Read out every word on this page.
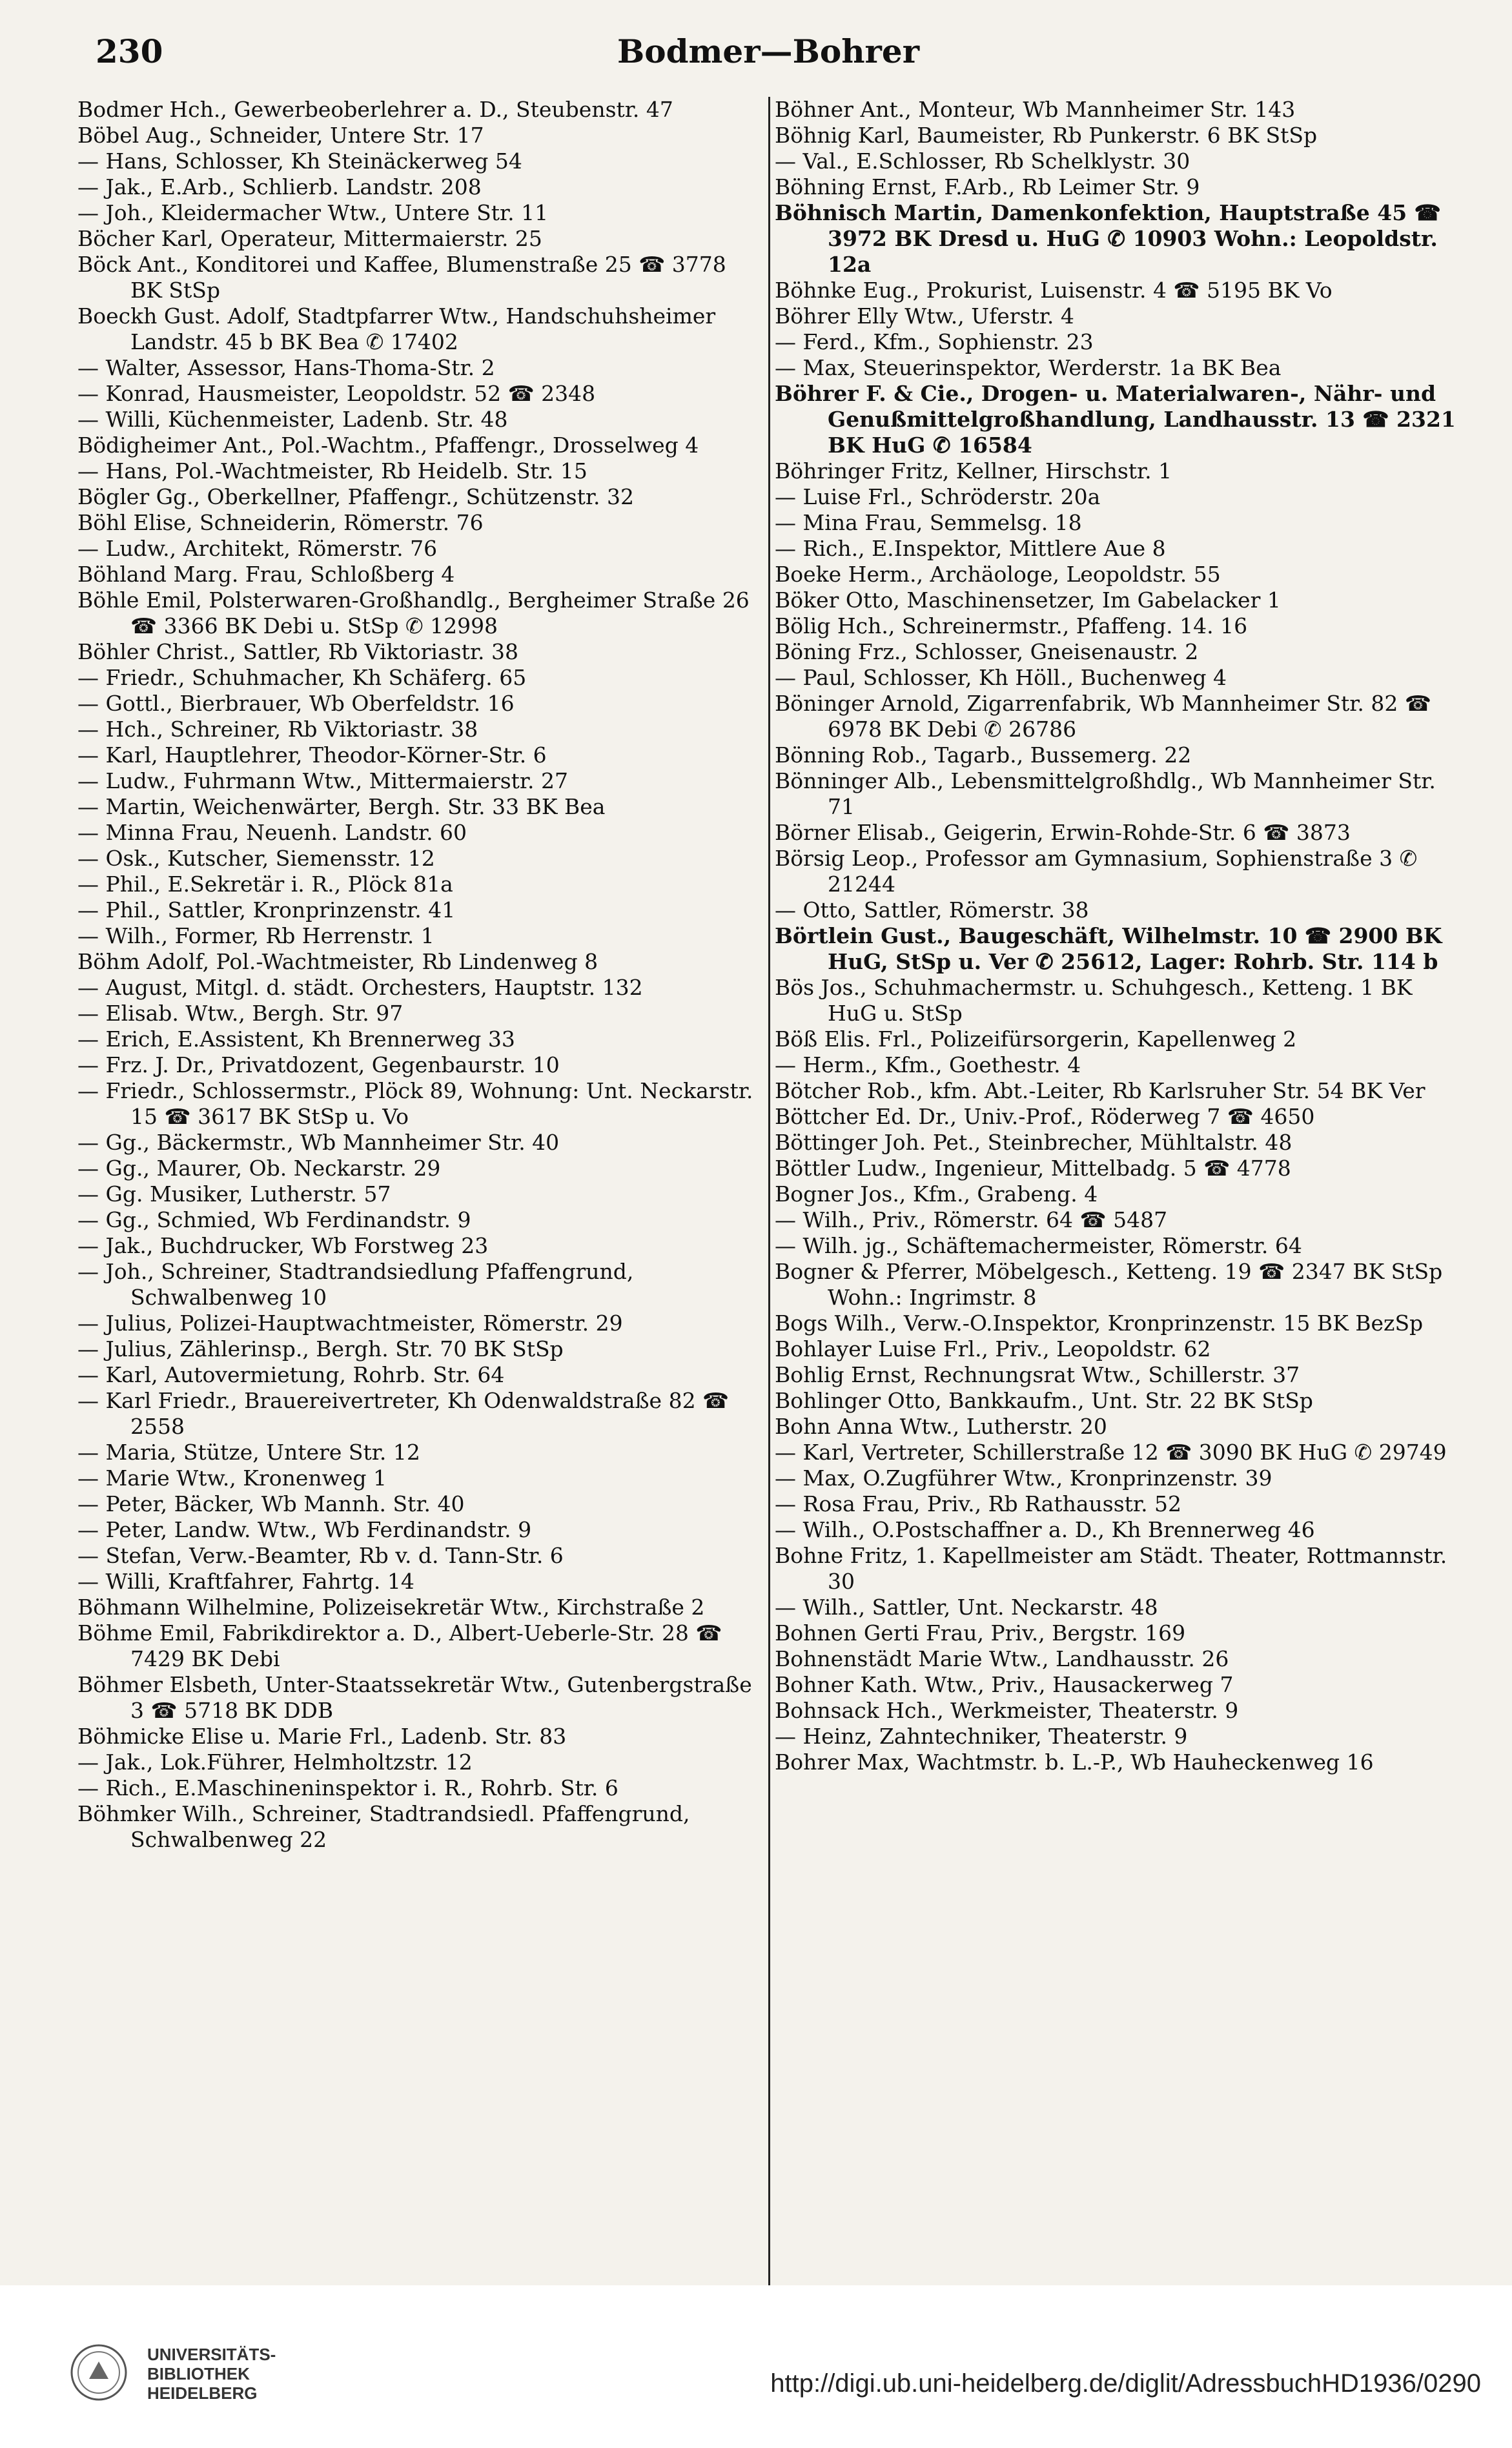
230	Bodmer—Bohrer

Bodmer Hch., Gewerbeoberlehrer a. D., Steubenstr. 47

Böbel Aug., Schneider, Untere Str. 17

— Hans, Schlosser, Kh Steinäckerweg 54

— Jak., E.Arb., Schlierb. Landstr. 208

— Joh., Kleidermacher Wtw., Untere Str. 11

Böcher Karl, Operateur, Mittermaierstr. 25

Böck Ant., Konditorei und Kaffee, Blumenstraße 25 ☎ 3778 BK StSp

Boeckh Gust. Adolf, Stadtpfarrer Wtw., Handschuhsheimer Landstr. 45 b BK Bea ✆ 17402

— Walter, Assessor, Hans-Thoma-Str. 2

— Konrad, Hausmeister, Leopoldstr. 52 ☎ 2348

— Willi, Küchenmeister, Ladenb. Str. 48

Bödigheimer Ant., Pol.-Wachtm., Pfaffengr., Drosselweg 4

— Hans, Pol.-Wachtmeister, Rb Heidelb. Str. 15

Bögler Gg., Oberkellner, Pfaffengr., Schützenstr. 32

Böhl Elise, Schneiderin, Römerstr. 76

— Ludw., Architekt, Römerstr. 76

Böhland Marg. Frau, Schloßberg 4

Böhle Emil, Polsterwaren-Großhandlg., Bergheimer Straße 26 ☎ 3366 BK Debi u. StSp ✆ 12998

Böhler Christ., Sattler, Rb Viktoriastr. 38

— Friedr., Schuhmacher, Kh Schäferg. 65

— Gottl., Bierbrauer, Wb Oberfeldstr. 16

— Hch., Schreiner, Rb Viktoriastr. 38

— Karl, Hauptlehrer, Theodor-Körner-Str. 6

— Ludw., Fuhrmann Wtw., Mittermaierstr. 27

— Martin, Weichenwärter, Bergh. Str. 33 BK Bea

— Minna Frau, Neuenh. Landstr. 60

— Osk., Kutscher, Siemensstr. 12

— Phil., E.Sekretär i. R., Plöck 81a

— Phil., Sattler, Kronprinzenstr. 41

— Wilh., Former, Rb Herrenstr. 1

Böhm Adolf, Pol.-Wachtmeister, Rb Lindenweg 8

— August, Mitgl. d. städt. Orchesters, Hauptstr. 132

— Elisab. Wtw., Bergh. Str. 97

— Erich, E.Assistent, Kh Brennerweg 33

— Frz. J. Dr., Privatdozent, Gegenbaurstr. 10

— Friedr., Schlossermstr., Plöck 89, Wohnung: Unt. Neckarstr. 15 ☎ 3617 BK StSp u. Vo

— Gg., Bäckermstr., Wb Mannheimer Str. 40

— Gg., Maurer, Ob. Neckarstr. 29

— Gg. Musiker, Lutherstr. 57

— Gg., Schmied, Wb Ferdinandstr. 9

— Jak., Buchdrucker, Wb Forstweg 23

— Joh., Schreiner, Stadtrandsiedlung Pfaffengrund, Schwalbenweg 10

— Julius, Polizei-Hauptwachtmeister, Römerstr. 29

— Julius, Zählerinsp., Bergh. Str. 70 BK StSp

— Karl, Autovermietung, Rohrb. Str. 64

— Karl Friedr., Brauereivertreter, Kh Odenwaldstraße 82 ☎ 2558

— Maria, Stütze, Untere Str. 12

— Marie Wtw., Kronenweg 1

— Peter, Bäcker, Wb Mannh. Str. 40

— Peter, Landw. Wtw., Wb Ferdinandstr. 9

— Stefan, Verw.-Beamter, Rb v. d. Tann-Str. 6

— Willi, Kraftfahrer, Fahrtg. 14

Böhmann Wilhelmine, Polizeisekretär Wtw., Kirchstraße 2

Böhme Emil, Fabrikdirektor a. D., Albert-Ueberle-Str. 28 ☎ 7429 BK Debi

Böhmer Elsbeth, Unter-Staatssekretär Wtw., Gutenbergstraße 3 ☎ 5718 BK DDB

Böhmicke Elise u. Marie Frl., Ladenb. Str. 83

— Jak., Lok.Führer, Helmholtzstr. 12

— Rich., E.Maschineninspektor i. R., Rohrb. Str. 6

Böhmker Wilh., Schreiner, Stadtrandsiedl. Pfaffengrund, Schwalbenweg 22

Böhner Ant., Monteur, Wb Mannheimer Str. 143

Böhnig Karl, Baumeister, Rb Punkerstr. 6 BK StSp

— Val., E.Schlosser, Rb Schelklystr. 30

Böhning Ernst, F.Arb., Rb Leimer Str. 9

Böhnisch Martin, Damenkonfektion, Hauptstraße 45 ☎ 3972 BK Dresd u. HuG ✆ 10903 Wohn.: Leopoldstr. 12a

Böhnke Eug., Prokurist, Luisenstr. 4 ☎ 5195 BK Vo

Böhrer Elly Wtw., Uferstr. 4

— Ferd., Kfm., Sophienstr. 23

— Max, Steuerinspektor, Werderstr. 1a BK Bea

Böhrer F. & Cie., Drogen- u. Materialwaren-, Nähr- und Genußmittelgroßhandlung, Landhausstr. 13 ☎ 2321 BK HuG ✆ 16584

Böhringer Fritz, Kellner, Hirschstr. 1

— Luise Frl., Schröderstr. 20a

— Mina Frau, Semmelsg. 18

— Rich., E.Inspektor, Mittlere Aue 8

Boeke Herm., Archäologe, Leopoldstr. 55

Böker Otto, Maschinensetzer, Im Gabelacker 1

Bölig Hch., Schreinermstr., Pfaffeng. 14. 16

Böning Frz., Schlosser, Gneisenaustr. 2

— Paul, Schlosser, Kh Höll., Buchenweg 4

Böninger Arnold, Zigarrenfabrik, Wb Mannheimer Str. 82 ☎ 6978 BK Debi ✆ 26786

Bönning Rob., Tagarb., Bussemerg. 22

Bönninger Alb., Lebensmittelgroßhdlg., Wb Mannheimer Str. 71

Börner Elisab., Geigerin, Erwin-Rohde-Str. 6 ☎ 3873

Börsig Leop., Professor am Gymnasium, Sophienstraße 3 ✆ 21244

— Otto, Sattler, Römerstr. 38

Börtlein Gust., Baugeschäft, Wilhelmstr. 10 ☎ 2900 BK HuG, StSp u. Ver ✆ 25612, Lager: Rohrb. Str. 114 b

Bös Jos., Schuhmachermstr. u. Schuhgesch., Ketteng. 1 BK HuG u. StSp

Böß Elis. Frl., Polizeifürsorgerin, Kapellenweg 2

— Herm., Kfm., Goethestr. 4

Bötcher Rob., kfm. Abt.-Leiter, Rb Karlsruher Str. 54 BK Ver

Böttcher Ed. Dr., Univ.-Prof., Röderweg 7 ☎ 4650

Böttinger Joh. Pet., Steinbrecher, Mühltalstr. 48

Böttler Ludw., Ingenieur, Mittelbadg. 5 ☎ 4778

Bogner Jos., Kfm., Grabeng. 4

— Wilh., Priv., Römerstr. 64 ☎ 5487

— Wilh. jg., Schäftemachermeister, Römerstr. 64

Bogner & Pferrer, Möbelgesch., Ketteng. 19 ☎ 2347 BK StSp Wohn.: Ingrimstr. 8

Bogs Wilh., Verw.-O.Inspektor, Kronprinzenstr. 15 BK BezSp

Bohlayer Luise Frl., Priv., Leopoldstr. 62

Bohlig Ernst, Rechnungsrat Wtw., Schillerstr. 37

Bohlinger Otto, Bankkaufm., Unt. Str. 22 BK StSp

Bohn Anna Wtw., Lutherstr. 20

— Karl, Vertreter, Schillerstraße 12 ☎ 3090 BK HuG ✆ 29749

— Max, O.Zugführer Wtw., Kronprinzenstr. 39

— Rosa Frau, Priv., Rb Rathausstr. 52

— Wilh., O.Postschaffner a. D., Kh Brennerweg 46

Bohne Fritz, 1. Kapellmeister am Städt. Theater, Rottmannstr. 30

— Wilh., Sattler, Unt. Neckarstr. 48

Bohnen Gerti Frau, Priv., Bergstr. 169

Bohnenstädt Marie Wtw., Landhausstr. 26

Bohner Kath. Wtw., Priv., Hausackerweg 7

Bohnsack Hch., Werkmeister, Theaterstr. 9

— Heinz, Zahntechniker, Theaterstr. 9

Bohrer Max, Wachtmstr. b. L.-P., Wb Hauheckenweg 16

UNIVERSITÄTS-
BIBLIOTHEK
HEIDELBERG	http://digi.ub.uni-heidelberg.de/diglit/AdressbuchHD1936/0290
